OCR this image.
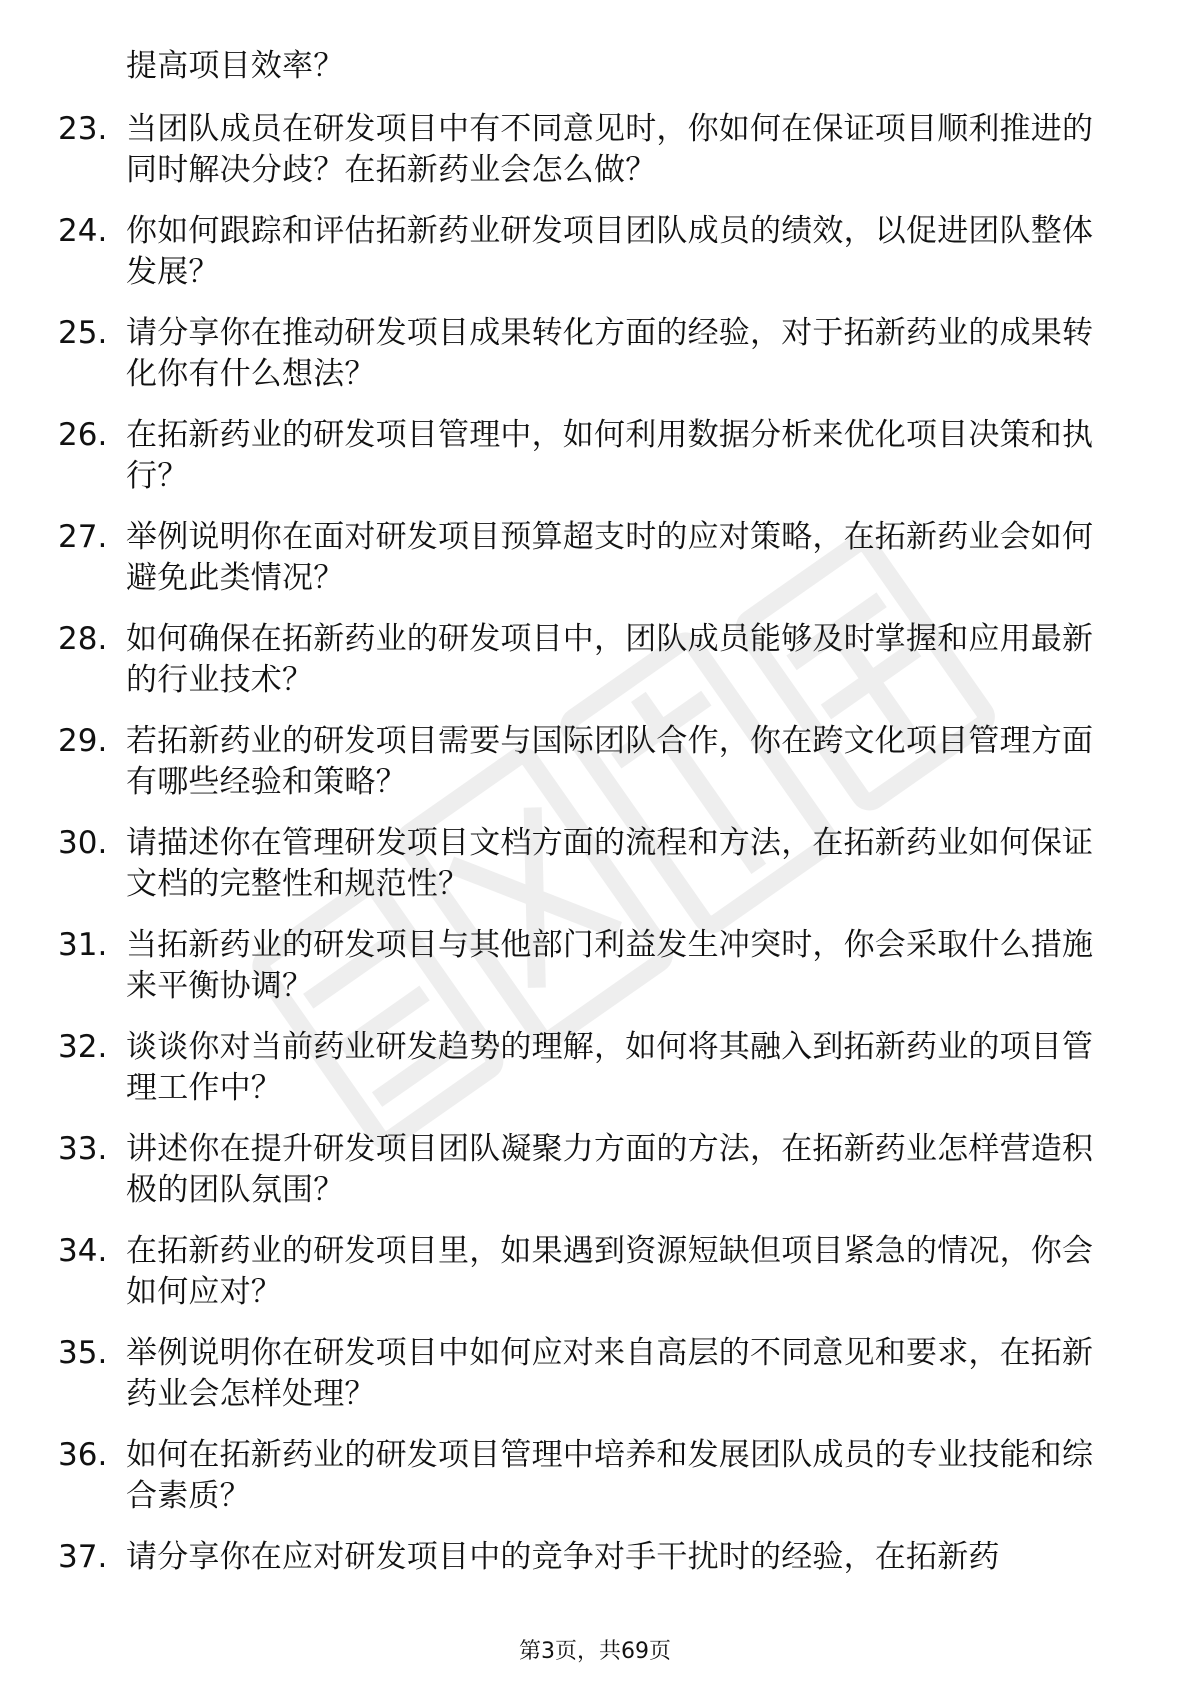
提高项目效率？
23. 当团队成员在研发项目中有不同意见时，你如何在保证项目顺利推进的同时解决分歧？在拓新药业会怎么做？
24. 你如何跟踪和评估拓新药业研发项目团队成员的绩效，以促进团队整体发展？
25. 请分享你在推动研发项目成果转化方面的经验，对于拓新药业的成果转化你有什么想法？
26. 在拓新药业的研发项目管理中，如何利用数据分析来优化项目决策和执行？
27. 举例说明你在面对研发项目预算超支时的应对策略，在拓新药业会如何避免此类情况？
28. 如何确保在拓新药业的研发项目中，团队成员能够及时掌握和应用最新的行业技术？
29. 若拓新药业的研发项目需要与国际团队合作，你在跨文化项目管理方面有哪些经验和策略？
30. 请描述你在管理研发项目文档方面的流程和方法，在拓新药业如何保证文档的完整性和规范性？
31. 当拓新药业的研发项目与其他部门利益发生冲突时，你会采取什么措施来平衡协调？
32. 谈谈你对当前药业研发趋势的理解，如何将其融入到拓新药业的项目管理工作中？
33. 讲述你在提升研发项目团队凝聚力方面的方法，在拓新药业怎样营造积极的团队氛围？
34. 在拓新药业的研发项目里，如果遇到资源短缺但项目紧急的情况，你会如何应对？
35. 举例说明你在研发项目中如何应对来自高层的不同意见和要求，在拓新药业会怎样处理？
36. 如何在拓新药业的研发项目管理中培养和发展团队成员的专业技能和综合素质？
37. 请分享你在应对研发项目中的竞争对手干扰时的经验，在拓新药
第3页，共69页
